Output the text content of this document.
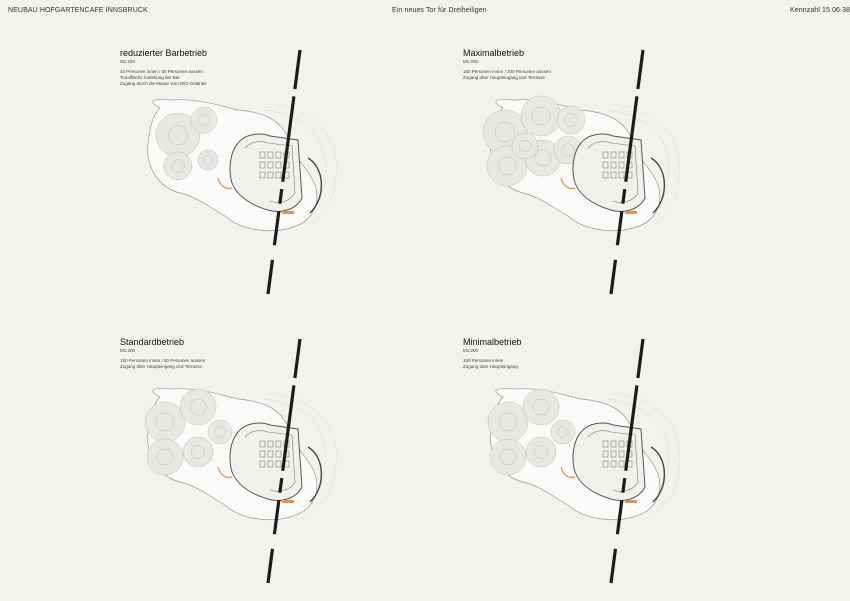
NEUBAU HOFGARTENCAFE INNSBRUCK	Ein neues Tor für Dreiheiligen	Kennzahl 15 06 38
reduzierter Barbetrieb
M1:200
40 Personen innen / 50 Personen aussen
Tonalfläche fortleitung der Bar
Zugang durch die Mauer vom MCI-Gelände
Maximalbetrieb
M1:200
150 Personen innen / 200 Personen aussen
Zugang über Haupteingang und Terrasse
Standardbetrieb
M1:200
150 Personen innen / 50 Personen aussen
Zugang über Haupteingang und Terrasse
Minimalbetrieb
M1:200
150 Personen innen
Zugang über Haupteingang
